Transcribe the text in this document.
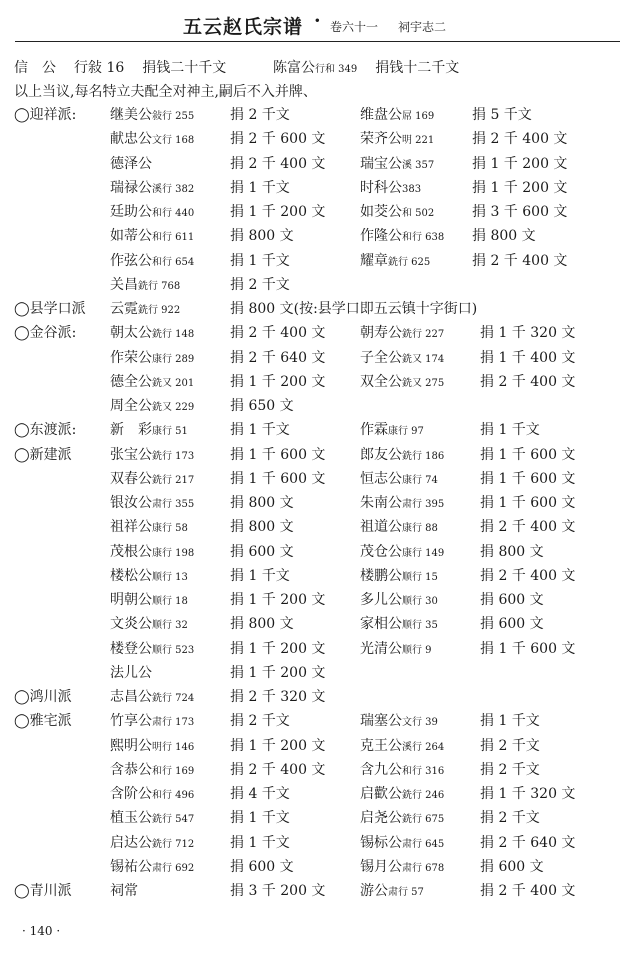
五云赵氏宗谱 · 卷六十一 祠宇志二
信　公 行敍 16 捐钱二十千文	陈富公行和 349 捐钱十二千文
以上当议,每名特立夫配全对神主,嗣后不入并牌、
◯迎祥派: 继美公敍行 255	捐 2 千文	维盘公屌 169	捐 5 千文
献忠公文行 168	捐 2 千 600 文 荣齐公明 221	捐 2 千 400 文
德泽公	捐 2 千 400 文 瑞宝公溪 357	捐 1 千 200 文
瑞禄公溪行 382	捐 1 千文	时科公383	捐 1 千 200 文
廷助公和行 440	捐 1 千 200 文 如茭公和 502	捐 3 千 600 文
如蒂公和行 611	捐 800 文	作隆公和行 638 捐 800 文
作弦公和行 654	捐 1 千文	耀章銑行 625	捐 2 千 400 文
关昌銑行 768	捐 2 千文
◯县学口派 云霓銑行 922	捐 800 文(按:县学口即五云镇十字街口)
◯金谷派: 朝太公銑行 148	捐 2 千 400 文 朝寿公銑行 227	捐 1 千 320 文
作荣公康行 289	捐 2 千 640 文 子全公銑又 174	捐 1 千 400 文
德全公銑又 201	捐 1 千 200 文 双全公銑又 275	捐 2 千 400 文
周全公銑又 229	捐 650 文
◯东渡派: 新　彩康行 51	捐 1 千文	作霖康行 97	捐 1 千文
◯新建派	张宝公銑行 173	捐 1 千 600 文 郎友公銑行 186	捐 1 千 600 文
双春公銑行 217	捐 1 千 600 文 恒志公康行 74	捐 1 千 600 文
银汝公肃行 355	捐 800 文	朱南公肃行 395	捐 1 千 600 文
祖祥公康行 58	捐 800 文	祖道公康行 88	捐 2 千 400 文
茂根公康行 198	捐 600 文	茂仓公康行 149	捐 800 文
楼松公顺行 13	捐 1 千文	楼鹏公顺行 15	捐 2 千 400 文
明朝公顺行 18	捐 1 千 200 文 多儿公顺行 30	捐 600 文
文炎公顺行 32	捐 800 文	家相公顺行 35	捐 600 文
楼登公顺行 523	捐 1 千 200 文 光清公顺行 9	捐 1 千 600 文
法儿公	捐 1 千 200 文
◯鸿川派	志昌公銑行 724	捐 2 千 320 文
◯雅宅派	竹享公肃行 173	捐 2 千文	瑞塞公文行 39	捐 1 千文
熙明公明行 146	捐 1 千 200 文 克王公溪行 264	捐 2 千文
含恭公和行 169	捐 2 千 400 文 含九公和行 316	捐 2 千文
含阶公和行 496	捐 4 千文	启歡公銑行 246	捐 1 千 320 文
植玉公銑行 547	捐 1 千文	启尧公銑行 675	捐 2 千文
启达公銑行 712	捐 1 千文	锡标公肃行 645	捐 2 千 640 文
锡祐公肃行 692	捐 600 文	锡月公肃行 678	捐 600 文
◯青川派	祠常	捐 3 千 200 文 游公肃行 57	捐 2 千 400 文
· 140 ·
